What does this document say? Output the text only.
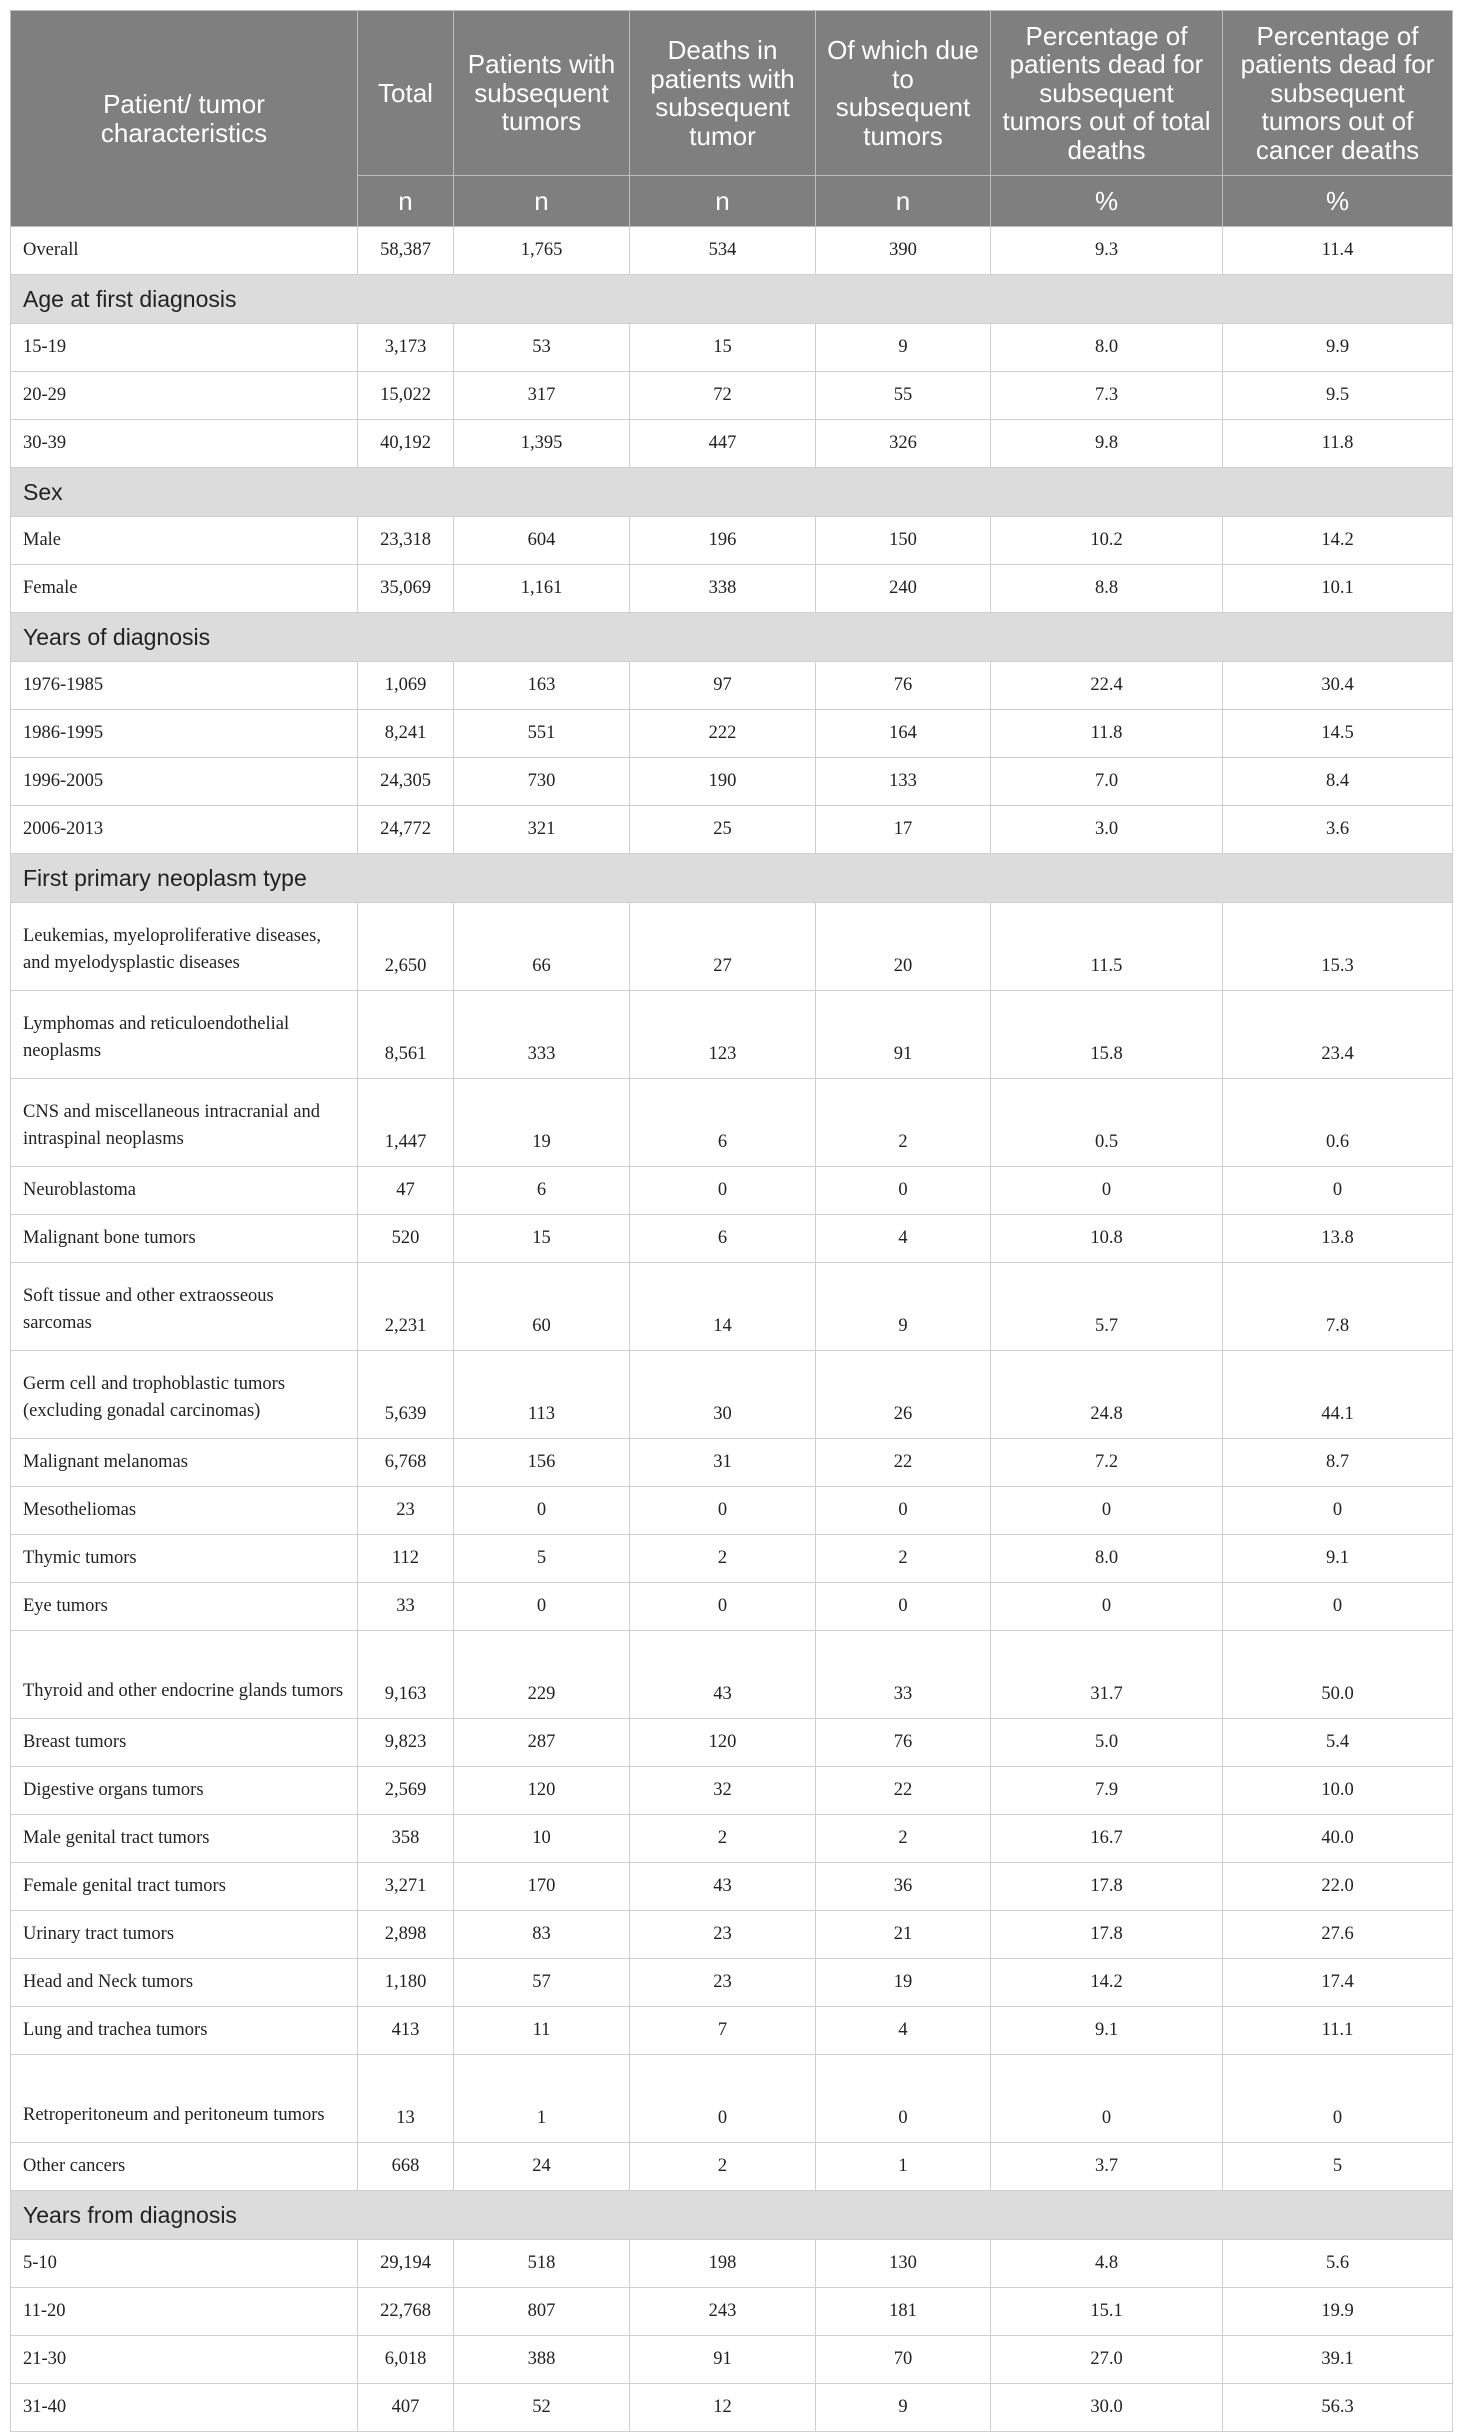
Patient/ tumor characteristics	Total	Patients with subsequent tumors	Deaths in patients with subsequent tumor	Of which due to subsequent tumors	Percentage of patients dead for subsequent tumors out of total deaths	Percentage of patients dead for subsequent tumors out of cancer deaths
	n	n	n	n	%	%
Overall	58,387	1,765	534	390	9.3	11.4
Age at first diagnosis						
15-19	3,173	53	15	9	8.0	9.9
20-29	15,022	317	72	55	7.3	9.5
30-39	40,192	1,395	447	326	9.8	11.8
Sex						
Male	23,318	604	196	150	10.2	14.2
Female	35,069	1,161	338	240	8.8	10.1
Years of diagnosis						
1976-1985	1,069	163	97	76	22.4	30.4
1986-1995	8,241	551	222	164	11.8	14.5
1996-2005	24,305	730	190	133	7.0	8.4
2006-2013	24,772	321	25	17	3.0	3.6
First primary neoplasm type						
Leukemias, myeloproliferative diseases, and myelodysplastic diseases	2,650	66	27	20	11.5	15.3
Lymphomas and reticuloendothelial neoplasms	8,561	333	123	91	15.8	23.4
CNS and miscellaneous intracranial and intraspinal neoplasms	1,447	19	6	2	0.5	0.6
Neuroblastoma	47	6	0	0	0	0
Malignant bone tumors	520	15	6	4	10.8	13.8
Soft tissue and other extraosseous sarcomas	2,231	60	14	9	5.7	7.8
Germ cell and trophoblastic tumors (excluding gonadal carcinomas)	5,639	113	30	26	24.8	44.1
Malignant melanomas	6,768	156	31	22	7.2	8.7
Mesotheliomas	23	0	0	0	0	0
Thymic tumors	112	5	2	2	8.0	9.1
Eye tumors	33	0	0	0	0	0
Thyroid and other endocrine glands tumors	9,163	229	43	33	31.7	50.0
Breast tumors	9,823	287	120	76	5.0	5.4
Digestive organs tumors	2,569	120	32	22	7.9	10.0
Male genital tract tumors	358	10	2	2	16.7	40.0
Female genital tract tumors	3,271	170	43	36	17.8	22.0
Urinary tract tumors	2,898	83	23	21	17.8	27.6
Head and Neck tumors	1,180	57	23	19	14.2	17.4
Lung and trachea tumors	413	11	7	4	9.1	11.1
Retroperitoneum and peritoneum tumors	13	1	0	0	0	0
Other cancers	668	24	2	1	3.7	5
Years from diagnosis						
5-10	29,194	518	198	130	4.8	5.6
11-20	22,768	807	243	181	15.1	19.9
21-30	6,018	388	91	70	27.0	39.1
31-40	407	52	12	9	30.0	56.3
